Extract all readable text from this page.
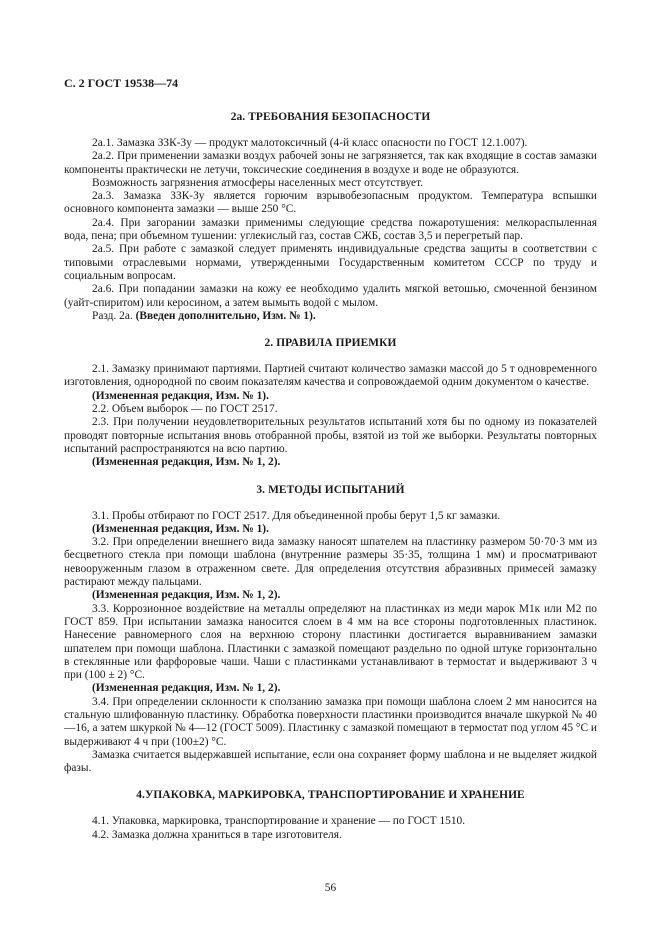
С. 2 ГОСТ 19538—74
2а. ТРЕБОВАНИЯ БЕЗОПАСНОСТИ

2а.1. Замазка ЗЗК-Зу — продукт малотоксичный (4-й класс опасности по ГОСТ 12.1.007).

2а.2. При применении замазки воздух рабочей зоны не загрязняется, так как входящие в состав замазки компоненты практически не летучи, токсические соединения в воздухе и воде не образуются.

Возможность загрязнения атмосферы населенных мест отсутствует.

2а.3. Замазка ЗЗК-Зу является горючим взрывобезопасным продуктом. Температура вспышки основного компонента замазки — выше 250 °С.

2а.4. При загорании замазки применимы следующие средства пожаротушения: мелкораспыленная вода, пена; при объемном тушении: углекислый газ, состав СЖБ, состав 3,5 и перегретый пар.

2а.5. При работе с замазкой следует применять индивидуальные средства защиты в соответствии с типовыми отраслевыми нормами, утвержденными Государственным комитетом СССР по труду и социальным вопросам.

2а.6. При попадании замазки на кожу ее необходимо удалить мягкой ветошью, смоченной бензином (уайт-спиритом) или керосином, а затем вымыть водой с мылом.

Разд. 2а. (Введен дополнительно, Изм. № 1).

2. ПРАВИЛА ПРИЕМКИ

2.1. Замазку принимают партиями. Партией считают количество замазки массой до 5 т одновременного изготовления, однородной по своим показателям качества и сопровождаемой одним документом о качестве.

(Измененная редакция, Изм. № 1).

2.2. Объем выборок — по ГОСТ 2517.

2.3. При получении неудовлетворительных результатов испытаний хотя бы по одному из показателей проводят повторные испытания вновь отобранной пробы, взятой из той же выборки. Результаты повторных испытаний распространяются на всю партию.

(Измененная редакция, Изм. № 1, 2).

3. МЕТОДЫ ИСПЫТАНИЙ

3.1. Пробы отбирают по ГОСТ 2517. Для объединенной пробы берут 1,5 кг замазки.

(Измененная редакция, Изм. № 1).

3.2. При определении внешнего вида замазку наносят шпателем на пластинку размером 50·70·3 мм из бесцветного стекла при помощи шаблона (внутренние размеры 35·35, толщина 1 мм) и просматривают невооруженным глазом в отраженном свете. Для определения отсутствия абразивных примесей замазку растирают между пальцами.

(Измененная редакция, Изм. № 1, 2).

3.3. Коррозионное воздействие на металлы определяют на пластинках из меди марок М1к или М2 по ГОСТ 859. При испытании замазка наносится слоем в 4 мм на все стороны подготовленных пластинок. Нанесение равномерного слоя на верхнюю сторону пластинки достигается выравниванием замазки шпателем при помощи шаблона. Пластинки с замазкой помещают раздельно по одной штуке горизонтально в стеклянные или фарфоровые чаши. Чаши с пластинками устанавливают в термостат и выдерживают 3 ч при (100 ± 2) °С.

(Измененная редакция, Изм. № 1, 2).

3.4. При определении склонности к сползанию замазка при помощи шаблона слоем 2 мм наносится на стальную шлифованную пластинку. Обработка поверхности пластинки производится вначале шкуркой № 40—16, а затем шкуркой № 4—12 (ГОСТ 5009). Пластинку с замазкой помещают в термостат под углом 45 °С и выдерживают 4 ч при (100±2) °С.

Замазка считается выдержавшей испытание, если она сохраняет форму шаблона и не выделяет жидкой фазы.

4.УПАКОВКА, МАРКИРОВКА, ТРАНСПОРТИРОВАНИЕ И ХРАНЕНИЕ

4.1. Упаковка, маркировка, транспортирование и хранение — по ГОСТ 1510.

4.2. Замазка должна храниться в таре изготовителя.

56
